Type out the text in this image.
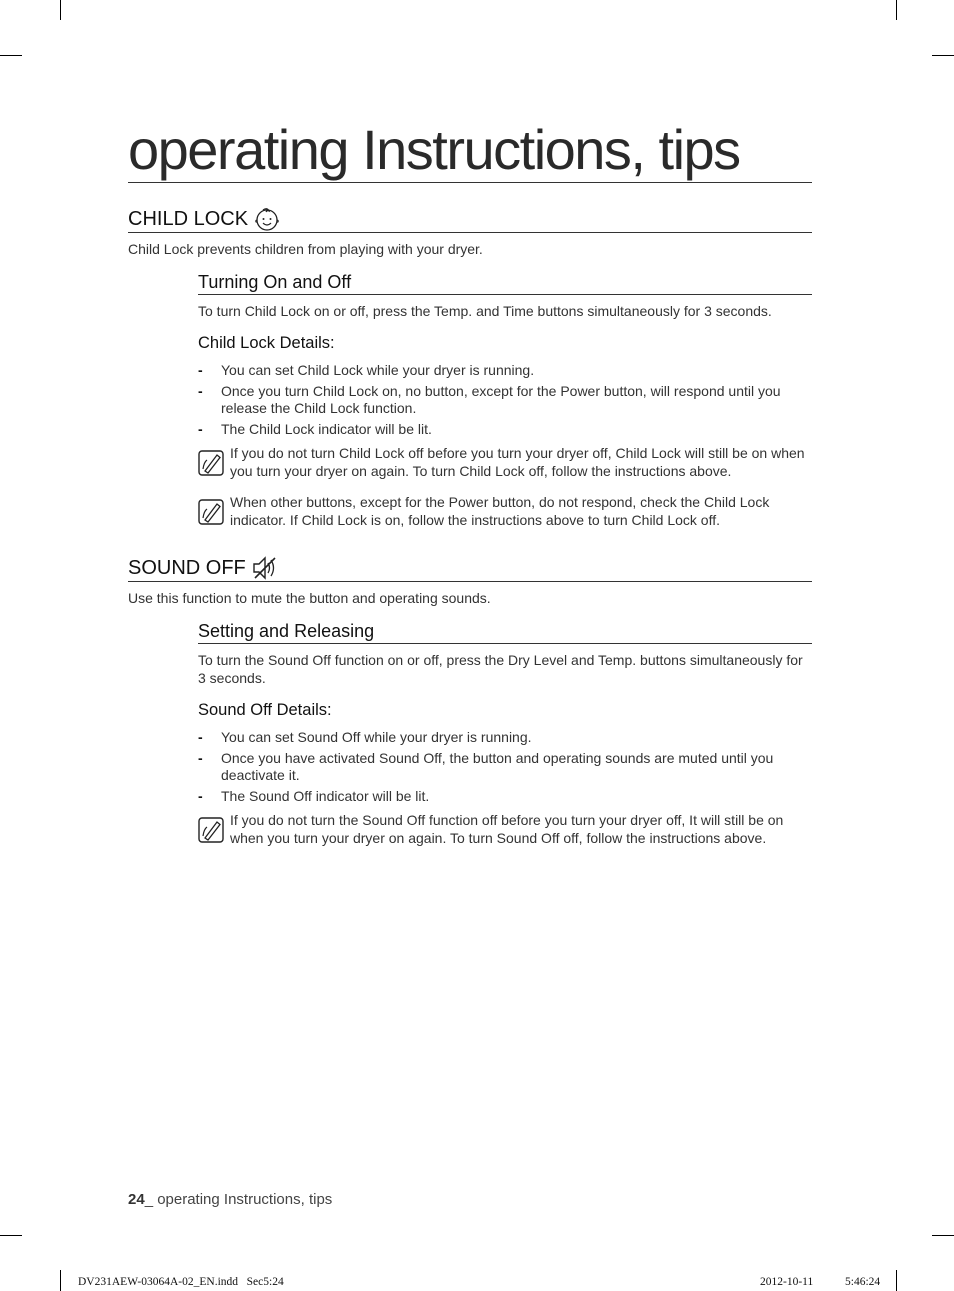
operating Instructions, tips
CHILD LOCK
Child Lock prevents children from playing with your dryer.
Turning On and Off
To turn Child Lock on or off, press the Temp. and Time buttons simultaneously for 3 seconds.
Child Lock Details:
- You can set Child Lock while your dryer is running.
- Once you turn Child Lock on, no button, except for the Power button, will respond until you release the Child Lock function.
- The Child Lock indicator will be lit.
If you do not turn Child Lock off before you turn your dryer off, Child Lock will still be on when you turn your dryer on again. To turn Child Lock off, follow the instructions above.
When other buttons, except for the Power button, do not respond, check the Child Lock indicator. If Child Lock is on, follow the instructions above to turn Child Lock off.
SOUND OFF
Use this function to mute the button and operating sounds.
Setting and Releasing
To turn the Sound Off function on or off, press the Dry Level and Temp. buttons simultaneously for 3 seconds.
Sound Off Details:
- You can set Sound Off while your dryer is running.
- Once you have activated Sound Off, the button and operating sounds are muted until you deactivate it.
- The Sound Off indicator will be lit.
If you do not turn the Sound Off function off before you turn your dryer off, It will still be on when you turn your dryer on again. To turn Sound Off off, follow the instructions above.
24_ operating Instructions, tips
DV231AEW-03064A-02_EN.indd   Sec5:24	2012-10-11	5:46:24
